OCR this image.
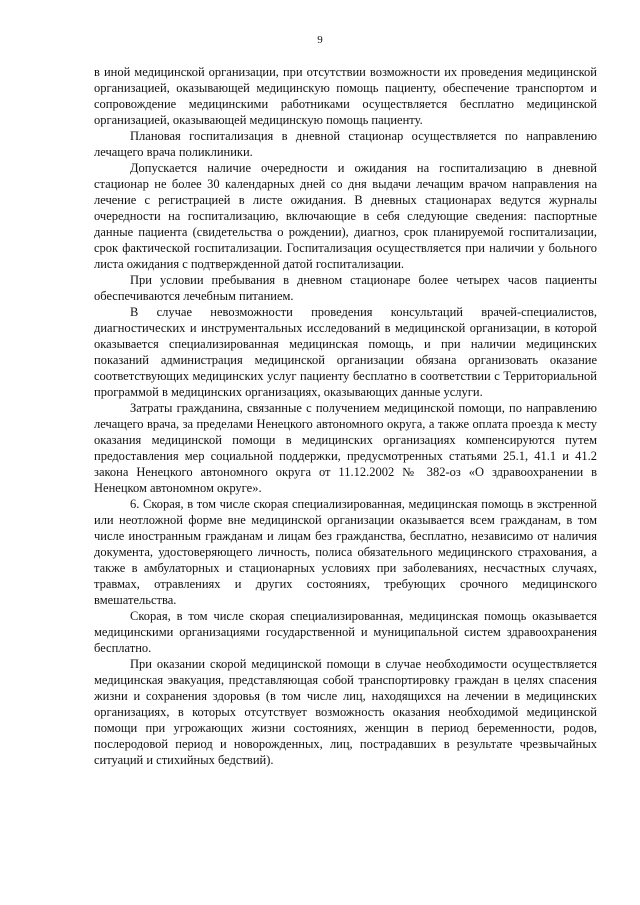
9

в иной медицинской организации, при отсутствии возможности их проведения медицинской организацией, оказывающей медицинскую помощь пациенту, обеспечение транспортом и сопровождение медицинскими работниками осуществляется бесплатно медицинской организацией, оказывающей медицинскую помощь пациенту.

Плановая госпитализация в дневной стационар осуществляется по направлению лечащего врача поликлиники.

Допускается наличие очередности и ожидания на госпитализацию в дневной стационар не более 30 календарных дней со дня выдачи лечащим врачом направления на лечение с регистрацией в листе ожидания. В дневных стационарах ведутся журналы очередности на госпитализацию, включающие в себя следующие сведения: паспортные данные пациента (свидетельства о рождении), диагноз, срок планируемой госпитализации, срок фактической госпитализации. Госпитализация осуществляется при наличии у больного листа ожидания с подтвержденной датой госпитализации.

При условии пребывания в дневном стационаре более четырех часов пациенты обеспечиваются лечебным питанием.

В случае невозможности проведения консультаций врачей-специалистов, диагностических и инструментальных исследований в медицинской организации, в которой оказывается специализированная медицинская помощь, и при наличии медицинских показаний администрация медицинской организации обязана организовать оказание соответствующих медицинских услуг пациенту бесплатно в соответствии с Территориальной программой в медицинских организациях, оказывающих данные услуги.

Затраты гражданина, связанные с получением медицинской помощи, по направлению лечащего врача, за пределами Ненецкого автономного округа, а также оплата проезда к месту оказания медицинской помощи в медицинских организациях компенсируются путем предоставления мер социальной поддержки, предусмотренных статьями 25.1, 41.1 и 41.2 закона Ненецкого автономного округа от 11.12.2002 № 382-оз «О здравоохранении в Ненецком автономном округе».

6. Скорая, в том числе скорая специализированная, медицинская помощь в экстренной или неотложной форме вне медицинской организации оказывается всем гражданам, в том числе иностранным гражданам и лицам без гражданства, бесплатно, независимо от наличия документа, удостоверяющего личность, полиса обязательного медицинского страхования, а также в амбулаторных и стационарных условиях при заболеваниях, несчастных случаях, травмах, отравлениях и других состояниях, требующих срочного медицинского вмешательства.

Скорая, в том числе скорая специализированная, медицинская помощь оказывается медицинскими организациями государственной и муниципальной систем здравоохранения бесплатно.

При оказании скорой медицинской помощи в случае необходимости осуществляется медицинская эвакуация, представляющая собой транспортировку граждан в целях спасения жизни и сохранения здоровья (в том числе лиц, находящихся на лечении в медицинских организациях, в которых отсутствует возможность оказания необходимой медицинской помощи при угрожающих жизни состояниях, женщин в период беременности, родов, послеродовой период и новорожденных, лиц, пострадавших в результате чрезвычайных ситуаций и стихийных бедствий).
